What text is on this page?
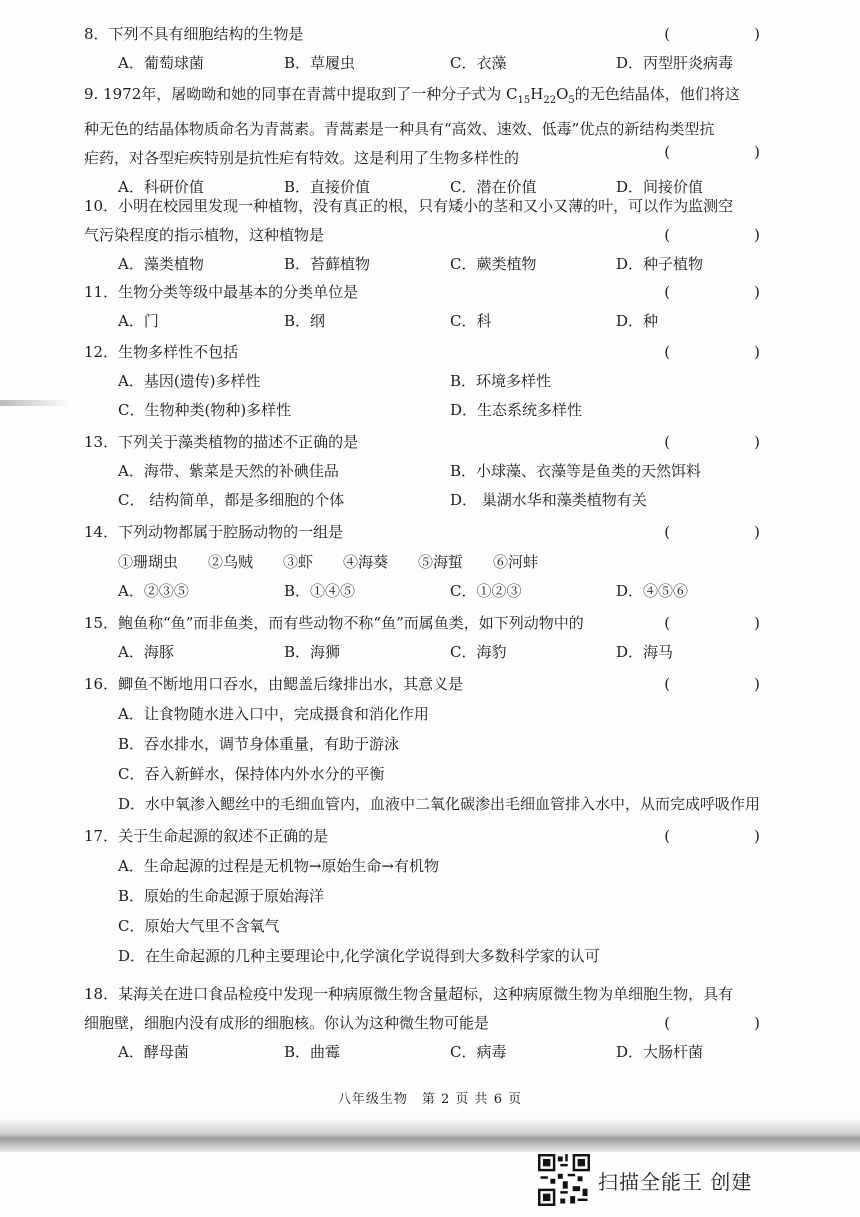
8．下列不具有细胞结构的生物是	(　　)
A．葡萄球菌	B．草履虫	C．衣藻	D．丙型肝炎病毒
9. 1972年，屠呦呦和她的同事在青蒿中提取到了一种分子式为 $C_{15}H_{22}O_5$的无色结晶体，他们将这
种无色的结晶体物质命名为青蒿素。青蒿素是一种具有“高效、速效、低毒”优点的新结构类型抗
疟药，对各型疟疾特别是抗性疟有特效。这是利用了生物多样性的	(　　)
A．科研价值	B．直接价值	C．潜在价值	D．间接价值
10．小明在校园里发现一种植物，没有真正的根，只有矮小的茎和又小又薄的叶，可以作为监测空
气污染程度的指示植物，这种植物是	(　　)
A．藻类植物	B．苔藓植物	C．蕨类植物	D．种子植物
11．生物分类等级中最基本的分类单位是	(　　)
A．门	B．纲	C．科	D．种
12．生物多样性不包括	(　　)
A．基因(遗传)多样性	B．环境多样性
C．生物种类(物种)多样性	D．生态系统多样性
13．下列关于藻类植物的描述不正确的是	(　　)
A．海带、紫菜是天然的补碘佳品	B．小球藻、衣藻等是鱼类的天然饵料
C． 结构简单，都是多细胞的个体	D． 巢湖水华和藻类植物有关
14．下列动物都属于腔肠动物的一组是	(　　)
①珊瑚虫　　②乌贼　　③虾　　④海葵　　⑤海蜇　　⑥河蚌
A．②③⑤	B．①④⑤	C．①②③	D．④⑤⑥
15．鲍鱼称“鱼”而非鱼类，而有些动物不称“鱼”而属鱼类，如下列动物中的	(　　)
A．海豚	B．海狮	C．海豹	D．海马
16．鲫鱼不断地用口吞水，由鳃盖后缘排出水，其意义是	(　　)
A．让食物随水进入口中，完成摄食和消化作用
B．吞水排水，调节身体重量，有助于游泳
C．吞入新鲜水，保持体内外水分的平衡
D．水中氧渗入鳃丝中的毛细血管内，血液中二氧化碳渗出毛细血管排入水中，从而完成呼吸作用
17．关于生命起源的叙述不正确的是	(　　)
A．生命起源的过程是无机物→原始生命→有机物
B．原始的生命起源于原始海洋
C．原始大气里不含氧气
D．在生命起源的几种主要理论中,化学演化学说得到大多数科学家的认可
18．某海关在进口食品检疫中发现一种病原微生物含量超标，这种病原微生物为单细胞生物，具有
细胞壁，细胞内没有成形的细胞核。你认为这种微生物可能是	(　　)
A．酵母菌	B．曲霉	C．病毒	D．大肠杆菌
八年级生物　第 2 页 共 6 页
扫描全能王 创建
